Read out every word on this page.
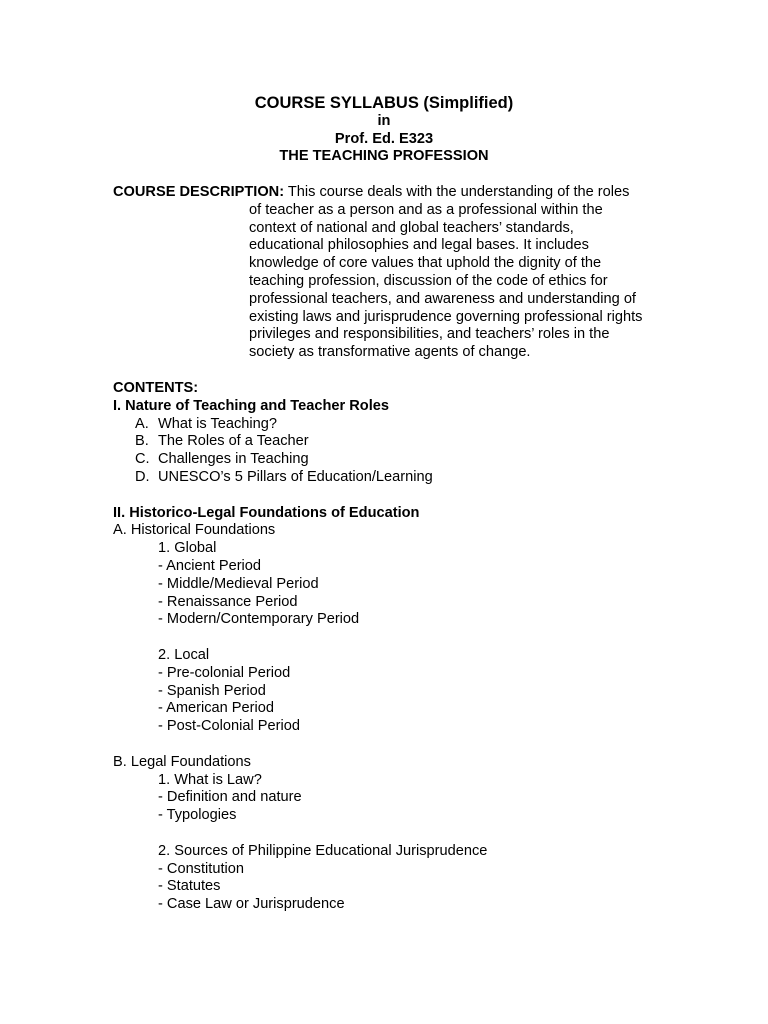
COURSE SYLLABUS (Simplified)
in
Prof. Ed. E323
THE TEACHING PROFESSION
COURSE DESCRIPTION: This course deals with the understanding of the roles
of teacher as a person and as a professional within the
context of national and global teachers’ standards,
educational philosophies and legal bases. It includes
knowledge of core values that uphold the dignity of the
teaching profession, discussion of the code of ethics for
professional teachers, and awareness and understanding of
existing laws and jurisprudence governing professional rights
privileges and responsibilities, and teachers’ roles in the
society as transformative agents of change.
CONTENTS:
I. Nature of Teaching and Teacher Roles
A. What is Teaching?
B. The Roles of a Teacher
C. Challenges in Teaching
D. UNESCO’s 5 Pillars of Education/Learning
II. Historico-Legal Foundations of Education
A. Historical Foundations
1. Global
- Ancient Period
- Middle/Medieval Period
- Renaissance Period
- Modern/Contemporary Period
2. Local
- Pre-colonial Period
- Spanish Period
- American Period
- Post-Colonial Period
B. Legal Foundations
1. What is Law?
- Definition and nature
- Typologies
2. Sources of Philippine Educational Jurisprudence
- Constitution
- Statutes
- Case Law or Jurisprudence
